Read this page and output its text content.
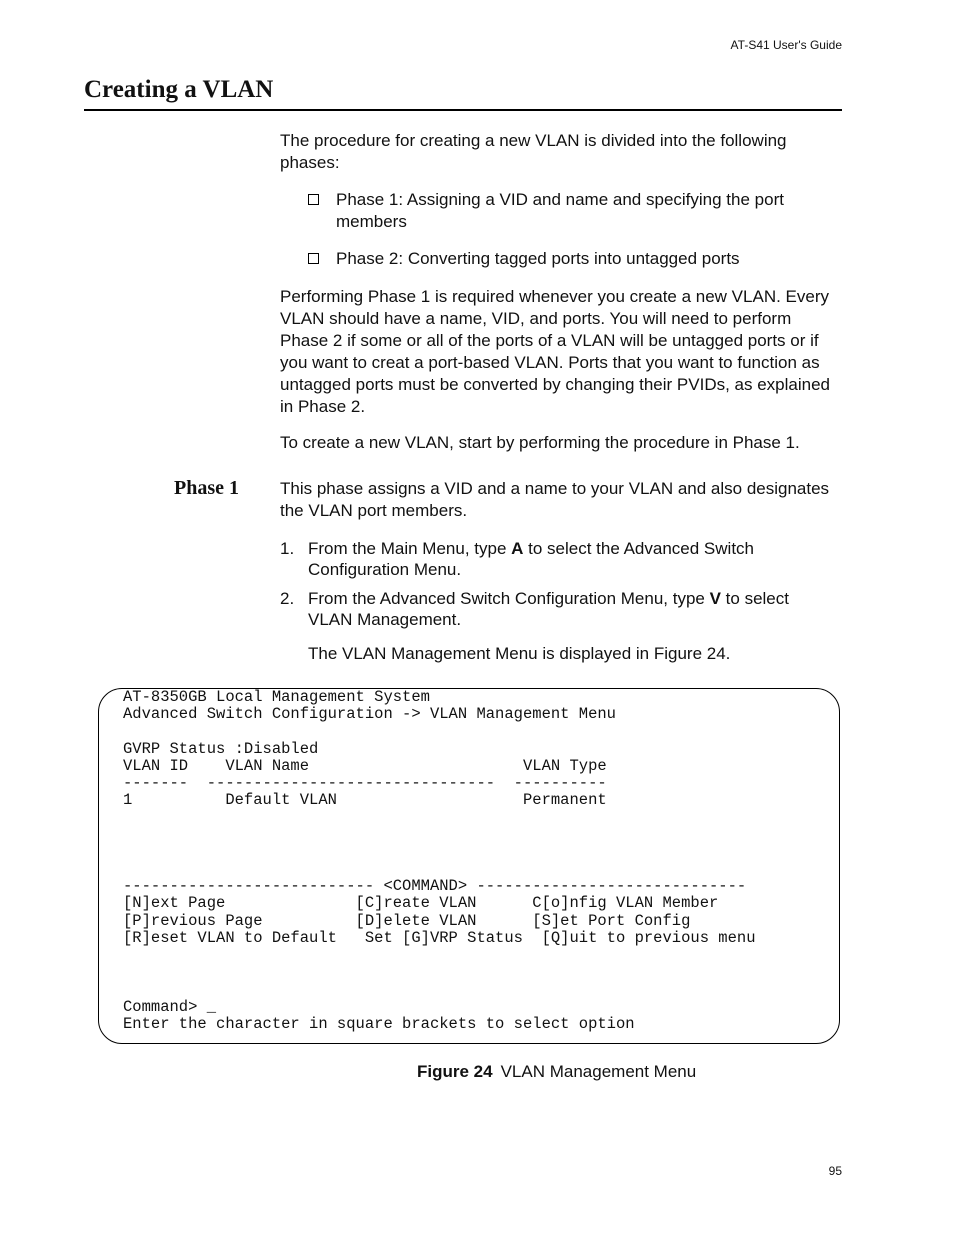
AT-S41 User's Guide
Creating a VLAN
The procedure for creating a new VLAN is divided into the following phases:
Phase 1: Assigning a VID and name and specifying the port members
Phase 2: Converting tagged ports into untagged ports
Performing Phase 1 is required whenever you create a new VLAN. Every VLAN should have a name, VID, and ports. You will need to perform Phase 2 if some or all of the ports of a VLAN will be untagged ports or if you want to creat a port-based VLAN. Ports that you want to function as untagged ports must be converted by changing their PVIDs, as explained in Phase 2.
To create a new VLAN, start by performing the procedure in Phase 1.
Phase 1 This phase assigns a VID and a name to your VLAN and also designates the VLAN port members.
1. From the Main Menu, type A to select the Advanced Switch Configuration Menu.
2. From the Advanced Switch Configuration Menu, type V to select VLAN Management.
The VLAN Management Menu is displayed in Figure 24.
AT-8350GB Local Management System
Advanced Switch Configuration -> VLAN Management Menu
GVRP Status :Disabled
VLAN ID    VLAN Name                       VLAN Type
-------  -------------------------------  ----------
1          Default VLAN                    Permanent
--------------------------- <COMMAND> -----------------------------
[N]ext Page              [C]reate VLAN      C[o]nfig VLAN Member
[P]revious Page          [D]elete VLAN      [S]et Port Config
[R]eset VLAN to Default   Set [G]VRP Status  [Q]uit to previous menu
Command> _
Enter the character in square brackets to select option
Figure 24 VLAN Management Menu
95
